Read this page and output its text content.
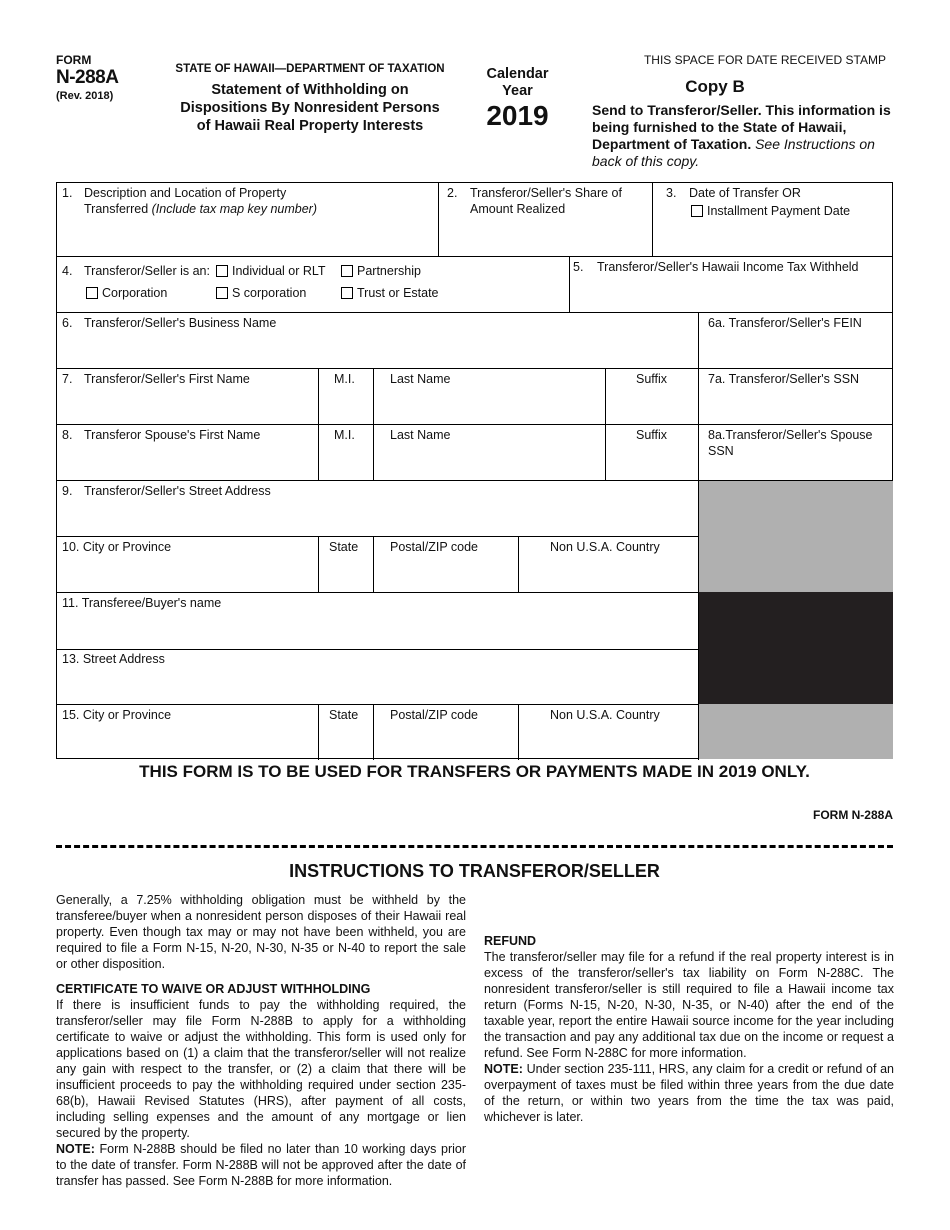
FORM
N-288A
(Rev. 2018)
STATE OF HAWAII—DEPARTMENT OF TAXATION
Statement of Withholding on
Dispositions By Nonresident Persons
of Hawaii Real Property Interests
Calendar
Year
2019
THIS SPACE FOR DATE RECEIVED STAMP
Copy B
Send to Transferor/Seller. This information is being furnished to the State of Hawaii, Department of Taxation. See Instructions on back of this copy.
1. Description and Location of Property
Transferred (Include tax map key number)
2. Transferor/Seller's Share of
Amount Realized
3. Date of Transfer OR
Installment Payment Date
4. Transferor/Seller is an:	Individual or RLT	Partnership
Corporation	S corporation	Trust or Estate
5. Transferor/Seller's Hawaii Income Tax Withheld
6. Transferor/Seller's Business Name	6a. Transferor/Seller's FEIN
7. Transferor/Seller's First Name	M.I.	Last Name	Suffix	7a. Transferor/Seller's SSN
8. Transferor Spouse's First Name	M.I.	Last Name	Suffix	8a.Transferor/Seller's Spouse SSN
9. Transferor/Seller's Street Address
10. City or Province	State	Postal/ZIP code	Non U.S.A. Country
11. Transferee/Buyer's name
13. Street Address
15. City or Province	State	Postal/ZIP code	Non U.S.A. Country
THIS FORM IS TO BE USED FOR TRANSFERS OR PAYMENTS MADE IN 2019 ONLY.
FORM N-288A
INSTRUCTIONS TO TRANSFEROR/SELLER

Generally, a 7.25% withholding obligation must be withheld by the transferee/buyer when a nonresident person disposes of their Hawaii real property. Even though tax may or may not have been withheld, you are required to file a Form N-15, N-20, N-30, N-35 or N-40 to report the sale or other disposition.

CERTIFICATE TO WAIVE OR ADJUST WITHHOLDING

If there is insufficient funds to pay the withholding required, the transferor/seller may file Form N-288B to apply for a withholding certificate to waive or adjust the withholding. This form is used only for applications based on (1) a claim that the transferor/seller will not realize any gain with respect to the transfer, or (2) a claim that there will be insufficient proceeds to pay the withholding required under section 235-68(b), Hawaii Revised Statutes (HRS), after payment of all costs, including selling expenses and the amount of any mortgage or lien secured by the property.

NOTE: Form N-288B should be filed no later than 10 working days prior to the date of transfer. Form N-288B will not be approved after the date of transfer has passed. See Form N-288B for more information.

REFUND

The transferor/seller may file for a refund if the real property interest is in excess of the transferor/seller's tax liability on Form N-288C. The nonresident transferor/seller is still required to file a Hawaii income tax return (Forms N-15, N-20, N-30, N-35, or N-40) after the end of the taxable year, report the entire Hawaii source income for the year including the transaction and pay any additional tax due on the income or request a refund. See Form N-288C for more information.

NOTE: Under section 235-111, HRS, any claim for a credit or refund of an overpayment of taxes must be filed within three years from the due date of the return, or within two years from the time the tax was paid, whichever is later.
